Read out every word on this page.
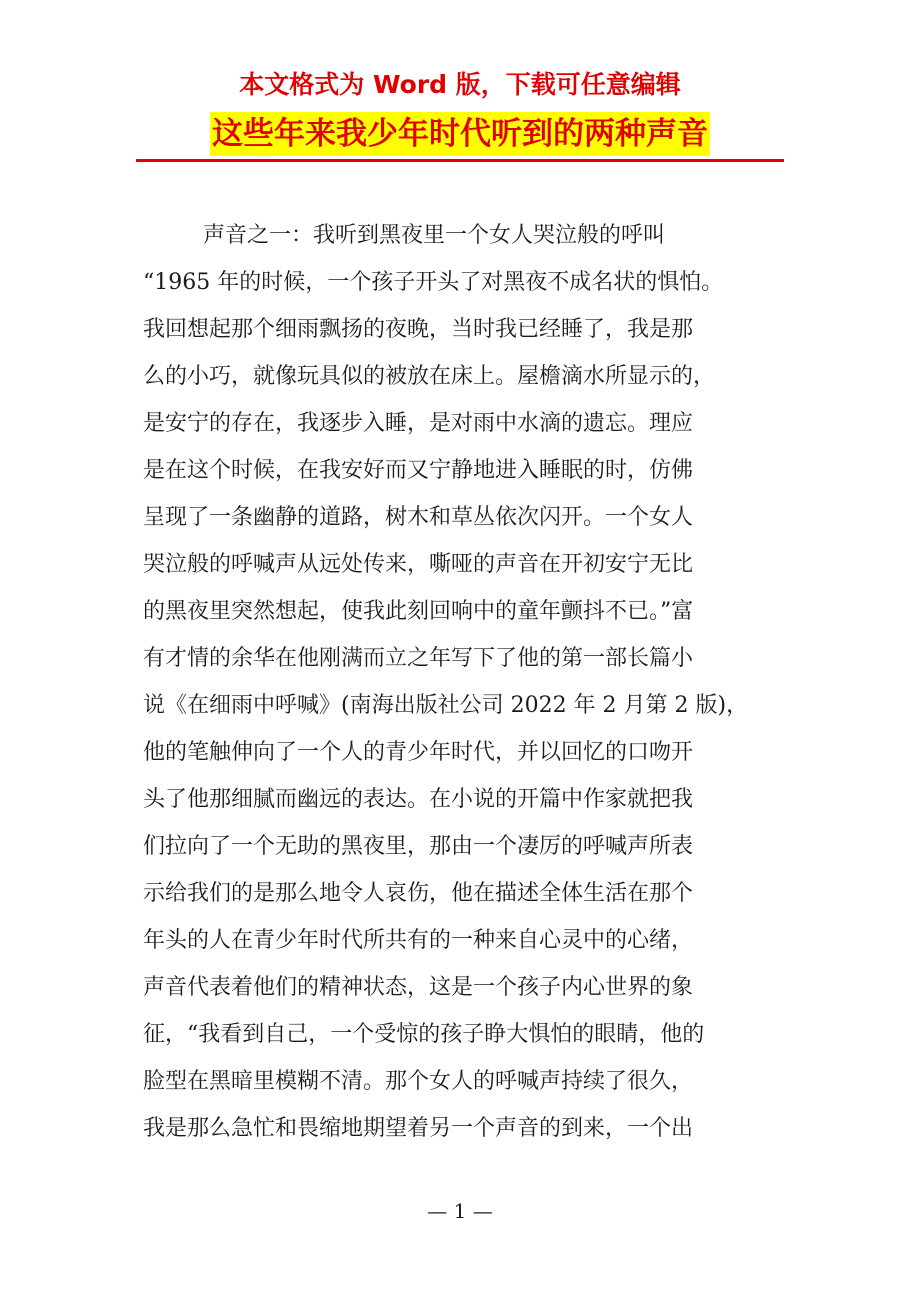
本文格式为 Word 版，下载可任意编辑
这些年来我少年时代听到的两种声音
声音之一：我听到黑夜里一个女人哭泣般的呼叫
“1965 年的时候，一个孩子开头了对黑夜不成名状的惧怕。
我回想起那个细雨飘扬的夜晚，当时我已经睡了，我是那
么的小巧，就像玩具似的被放在床上。屋檐滴水所显示的，
是安宁的存在，我逐步入睡，是对雨中水滴的遗忘。理应
是在这个时候，在我安好而又宁静地进入睡眠的时，仿佛
呈现了一条幽静的道路，树木和草丛依次闪开。一个女人
哭泣般的呼喊声从远处传来，嘶哑的声音在开初安宁无比
的黑夜里突然想起，使我此刻回响中的童年颤抖不已。”富
有才情的余华在他刚满而立之年写下了他的第一部长篇小
说《在细雨中呼喊》(南海出版社公司 2022 年 2 月第 2 版)，
他的笔触伸向了一个人的青少年时代，并以回忆的口吻开
头了他那细腻而幽远的表达。在小说的开篇中作家就把我
们拉向了一个无助的黑夜里，那由一个凄厉的呼喊声所表
示给我们的是那么地令人哀伤，他在描述全体生活在那个
年头的人在青少年时代所共有的一种来自心灵中的心绪，
声音代表着他们的精神状态，这是一个孩子内心世界的象
征，“我看到自己，一个受惊的孩子睁大惧怕的眼睛，他的
脸型在黑暗里模糊不清。那个女人的呼喊声持续了很久，
我是那么急忙和畏缩地期望着另一个声音的到来，一个出
— 1 —
